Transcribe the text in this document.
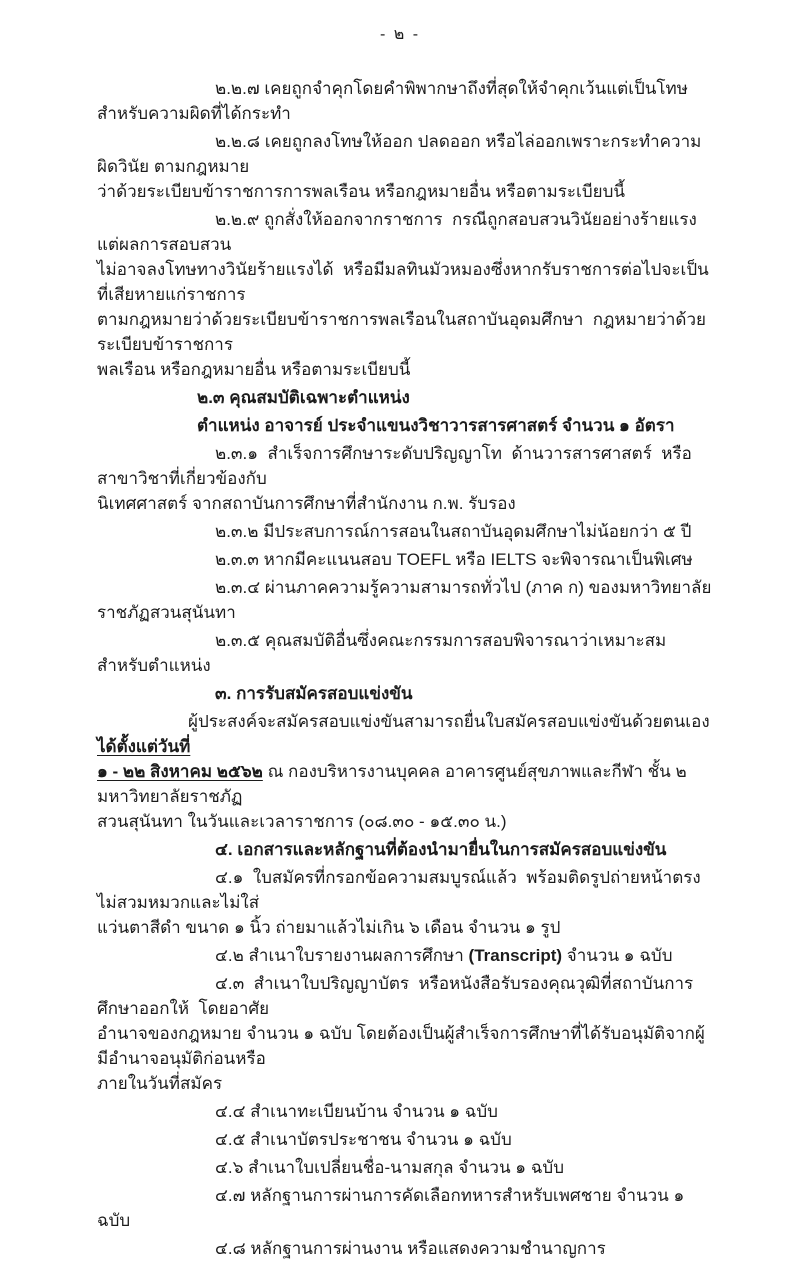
- ๒ -
๒.๒.๗ เคยถูกจำคุกโดยคำพิพากษาถึงที่สุดให้จำคุกเว้นแต่เป็นโทษสำหรับความผิดที่ได้กระทำ
๒.๒.๘ เคยถูกลงโทษให้ออก ปลดออก หรือไล่ออกเพราะกระทำความผิดวินัย ตามกฎหมาย
ว่าด้วยระเบียบข้าราชการการพลเรือน หรือกฎหมายอื่น หรือตามระเบียบนี้
๒.๒.๙ ถูกสั่งให้ออกจากราชการ  กรณีถูกสอบสวนวินัยอย่างร้ายแรงแต่ผลการสอบสวน
ไม่อาจลงโทษทางวินัยร้ายแรงได้  หรือมีมลทินมัวหมองซึ่งหากรับราชการต่อไปจะเป็นที่เสียหายแก่ราชการ
ตามกฎหมายว่าด้วยระเบียบข้าราชการพลเรือนในสถาบันอุดมศึกษา  กฎหมายว่าด้วยระเบียบข้าราชการ
พลเรือน หรือกฎหมายอื่น หรือตามระเบียบนี้
๒.๓ คุณสมบัติเฉพาะตำแหน่ง
ตำแหน่ง อาจารย์ ประจำแขนงวิชาวารสารศาสตร์ จำนวน ๑ อัตรา
๒.๓.๑  สำเร็จการศึกษาระดับปริญญาโท  ด้านวารสารศาสตร์  หรือสาขาวิชาที่เกี่ยวข้องกับ
นิเทศศาสตร์ จากสถาบันการศึกษาที่สำนักงาน ก.พ. รับรอง
๒.๓.๒ มีประสบการณ์การสอนในสถาบันอุดมศึกษาไม่น้อยกว่า ๕ ปี
๒.๓.๓ หากมีคะแนนสอบ TOEFL หรือ IELTS จะพิจารณาเป็นพิเศษ
๒.๓.๔ ผ่านภาคความรู้ความสามารถทั่วไป (ภาค ก) ของมหาวิทยาลัยราชภัฏสวนสุนันทา
๒.๓.๕ คุณสมบัติอื่นซึ่งคณะกรรมการสอบพิจารณาว่าเหมาะสมสำหรับตำแหน่ง
๓. การรับสมัครสอบแข่งขัน
ผู้ประสงค์จะสมัครสอบแข่งขันสามารถยื่นใบสมัครสอบแข่งขันด้วยตนเอง ได้ตั้งแต่วันที่
๑ - ๒๒ สิงหาคม ๒๕๖๒ ณ กองบริหารงานบุคคล อาคารศูนย์สุขภาพและกีฬา ชั้น ๒ มหาวิทยาลัยราชภัฏ
สวนสุนันทา ในวันและเวลาราชการ (๐๘.๓๐ - ๑๕.๓๐ น.)
๔. เอกสารและหลักฐานที่ต้องนำมายื่นในการสมัครสอบแข่งขัน
๔.๑  ใบสมัครที่กรอกข้อความสมบูรณ์แล้ว  พร้อมติดรูปถ่ายหน้าตรง  ไม่สวมหมวกและไม่ใส่
แว่นตาสีดำ ขนาด ๑ นิ้ว ถ่ายมาแล้วไม่เกิน ๖ เดือน จำนวน ๑ รูป
๔.๒ สำเนาใบรายงานผลการศึกษา (Transcript) จำนวน ๑ ฉบับ
๔.๓  สำเนาใบปริญญาบัตร  หรือหนังสือรับรองคุณวุฒิที่สถาบันการศึกษาออกให้  โดยอาศัย
อำนาจของกฎหมาย จำนวน ๑ ฉบับ โดยต้องเป็นผู้สำเร็จการศึกษาที่ได้รับอนุมัติจากผู้มีอำนาจอนุมัติก่อนหรือ
ภายในวันที่สมัคร
๔.๔ สำเนาทะเบียนบ้าน จำนวน ๑ ฉบับ
๔.๕ สำเนาบัตรประชาชน จำนวน ๑ ฉบับ
๔.๖ สำเนาใบเปลี่ยนชื่อ-นามสกุล จำนวน ๑ ฉบับ
๔.๗ หลักฐานการผ่านการคัดเลือกทหารสำหรับเพศชาย จำนวน ๑ ฉบับ
๔.๘ หลักฐานการผ่านงาน หรือแสดงความชำนาญการ
